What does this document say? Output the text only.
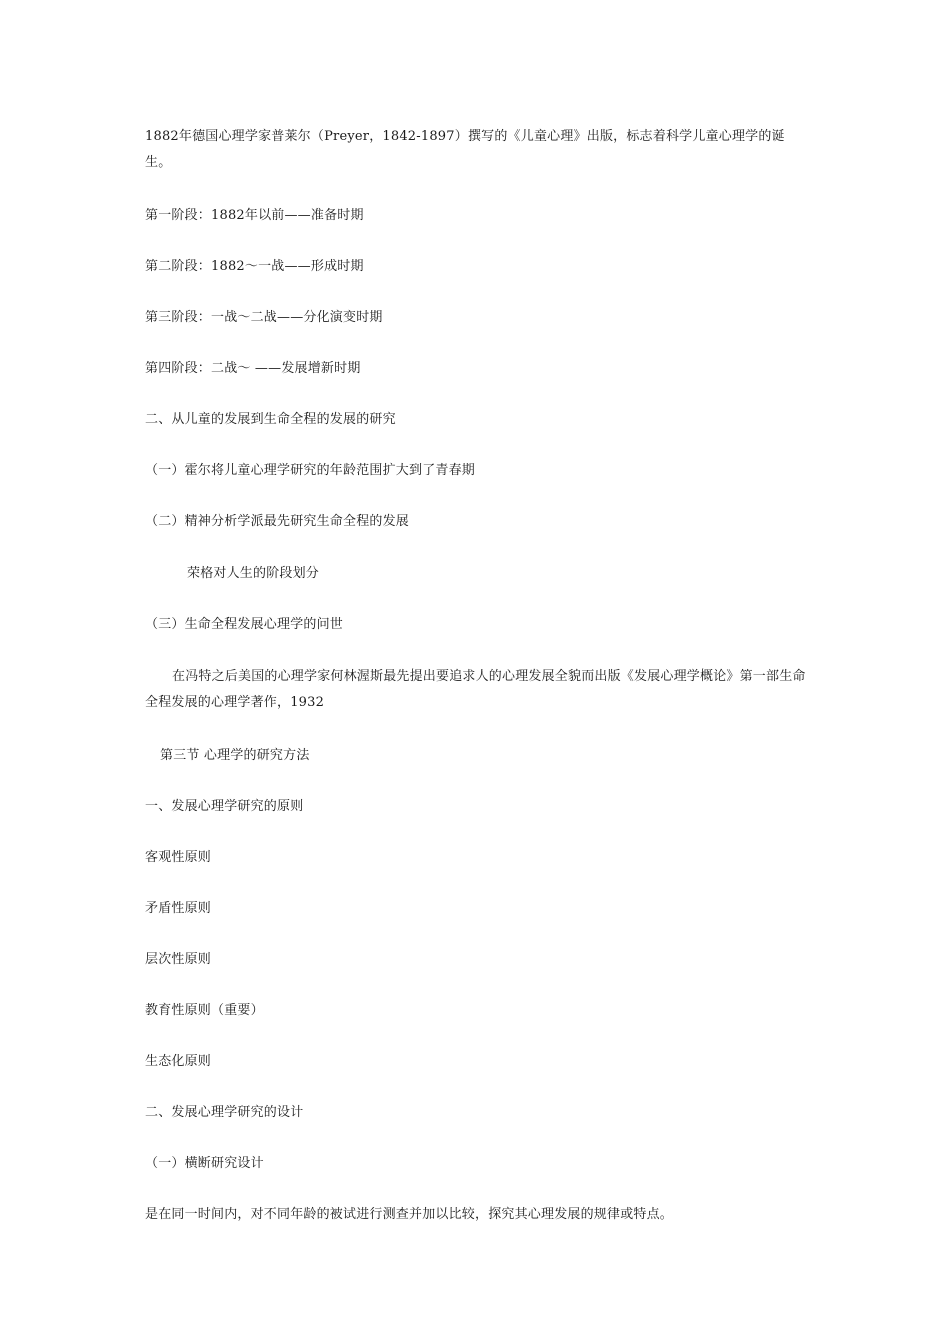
1882年德国心理学家普莱尔（Preyer，1842-1897）撰写的《儿童心理》出版，标志着科学儿童心理学的诞生。
第一阶段：1882年以前——准备时期
第二阶段：1882～一战——形成时期
第三阶段：一战～二战——分化演变时期
第四阶段：二战～ ——发展增新时期
二、从儿童的发展到生命全程的发展的研究
（一）霍尔将儿童心理学研究的年龄范围扩大到了青春期
（二）精神分析学派最先研究生命全程的发展
荣格对人生的阶段划分
（三）生命全程发展心理学的问世
在冯特之后美国的心理学家何林渥斯最先提出要追求人的心理发展全貌而出版《发展心理学概论》第一部生命全程发展的心理学著作，1932
第三节 心理学的研究方法
一、发展心理学研究的原则
客观性原则
矛盾性原则
层次性原则
教育性原则（重要）
生态化原则
二、发展心理学研究的设计
（一）横断研究设计
是在同一时间内，对不同年龄的被试进行测查并加以比较，探究其心理发展的规律或特点。
